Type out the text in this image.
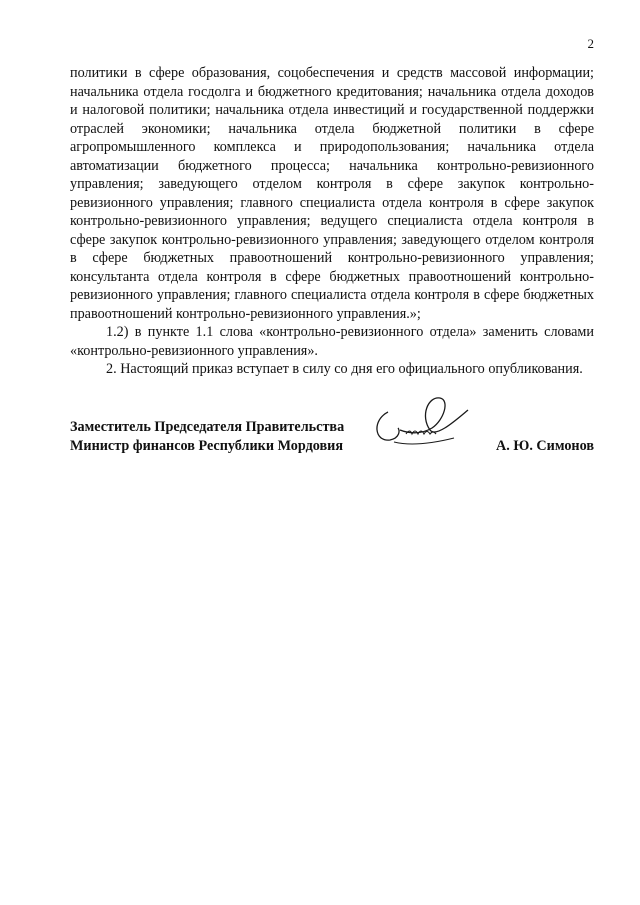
2

политики в сфере образования, соцобеспечения и средств массовой информации; начальника отдела госдолга и бюджетного кредитования; начальника отдела доходов и налоговой политики; начальника отдела инвестиций и государственной поддержки отраслей экономики; начальника отдела бюджетной политики в сфере агропромышленного комплекса и природопользования; начальника отдела автоматизации бюджетного процесса; начальника контрольно-ревизионного управления; заведующего отделом контроля в сфере закупок контрольно-ревизионного управления; главного специалиста отдела контроля в сфере закупок контрольно-ревизионного управления; ведущего специалиста отдела контроля в сфере закупок контрольно-ревизионного управления; заведующего отделом контроля в сфере бюджетных правоотношений контрольно-ревизионного управления; консультанта отдела контроля в сфере бюджетных правоотношений контрольно-ревизионного управления; главного специалиста отдела контроля в сфере бюджетных правоотношений контрольно-ревизионного управления.»;

1.2) в пункте 1.1 слова «контрольно-ревизионного отдела» заменить словами «контрольно-ревизионного управления».

2. Настоящий приказ вступает в силу со дня его официального опубликования.

Заместитель Председателя Правительства
Министр финансов Республики Мордовия	А. Ю. Симонов
